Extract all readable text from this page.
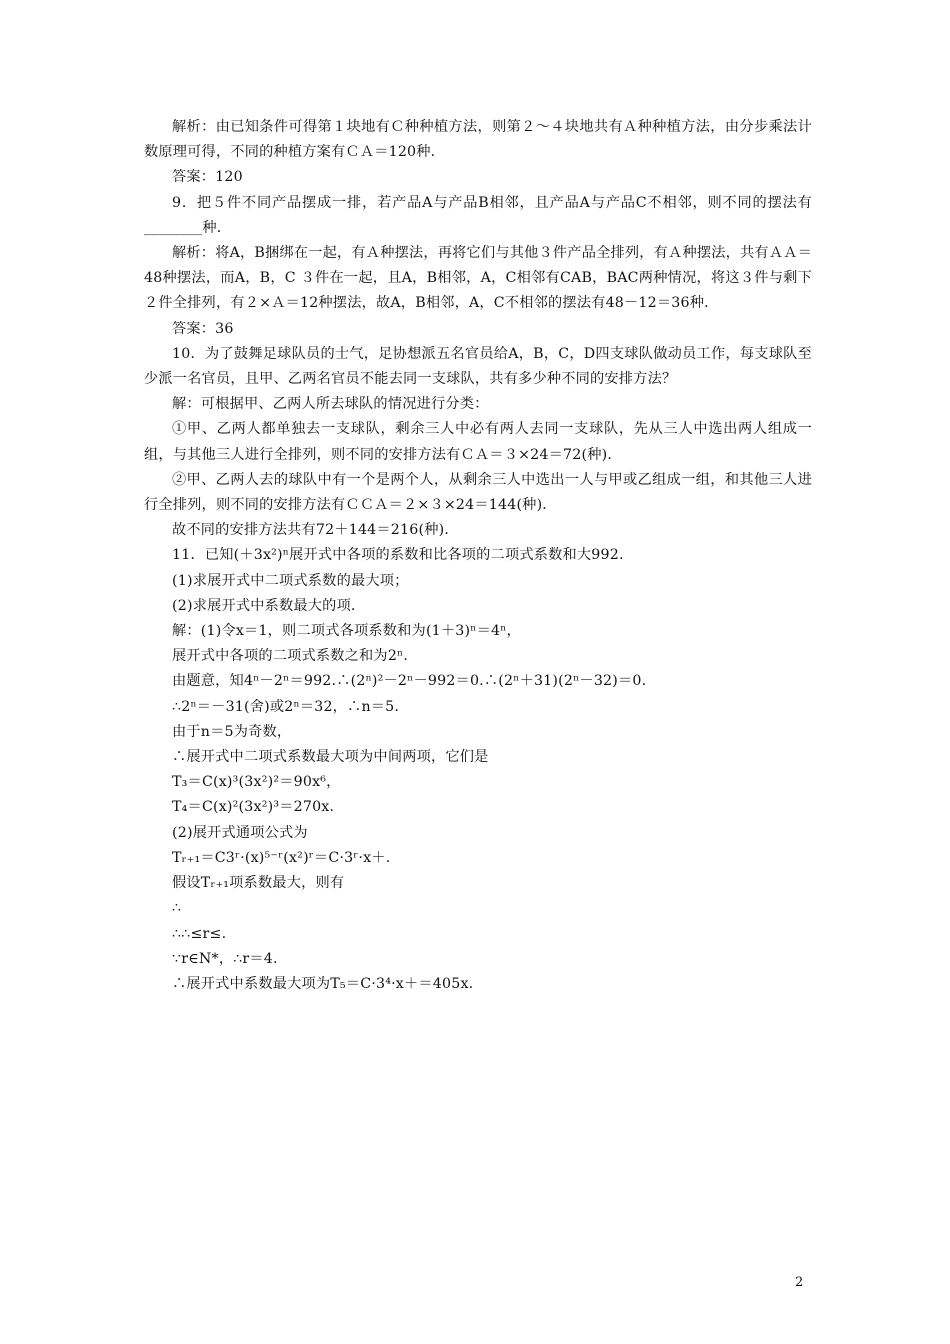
解析：由已知条件可得第１块地有Ｃ种种植方法，则第２～４块地共有Ａ种种植方法，由分步乘法计数原理可得，不同的种植方案有ＣＡ＝120种．

答案：120

9．把５件不同产品摆成一排，若产品A与产品B相邻，且产品A与产品C不相邻，则不同的摆法有________种．

解析：将A，B捆绑在一起，有Ａ种摆法，再将它们与其他３件产品全排列，有Ａ种摆法，共有ＡＡ＝48种摆法，而A，B，C ３件在一起，且A，B相邻，A，C相邻有CAB，BAC两种情况，将这３件与剩下２件全排列，有２×Ａ＝12种摆法，故A，B相邻，A，C不相邻的摆法有48－12＝36种．

答案：36

10．为了鼓舞足球队员的士气，足协想派五名官员给A，B，C，D四支球队做动员工作，每支球队至少派一名官员，且甲、乙两名官员不能去同一支球队，共有多少种不同的安排方法？

解：可根据甲、乙两人所去球队的情况进行分类：

①甲、乙两人都单独去一支球队，剩余三人中必有两人去同一支球队，先从三人中选出两人组成一组，与其他三人进行全排列，则不同的安排方法有ＣＡ＝３×24＝72(种)．

②甲、乙两人去的球队中有一个是两个人，从剩余三人中选出一人与甲或乙组成一组，和其他三人进行全排列，则不同的安排方法有ＣＣＡ＝２×３×24＝144(种)．

故不同的安排方法共有72＋144＝216(种)．

11．已知(＋3x²)ⁿ展开式中各项的系数和比各项的二项式系数和大992.

(1)求展开式中二项式系数的最大项；

(2)求展开式中系数最大的项．

解：(1)令x＝1，则二项式各项系数和为(1＋3)ⁿ＝4ⁿ，

展开式中各项的二项式系数之和为2ⁿ.

由题意，知4ⁿ－2ⁿ＝992.∴(2ⁿ)²－2ⁿ－992＝0.∴(2ⁿ＋31)(2ⁿ－32)＝0.

∴2ⁿ＝－31(舍)或2ⁿ＝32，∴n＝5.

由于n＝5为奇数，

∴展开式中二项式系数最大项为中间两项，它们是

T₃＝C(x)³(3x²)²＝90x⁶，

T₄＝C(x)²(3x²)³＝270x.

(2)展开式通项公式为

Tᵣ₊₁＝C3ʳ·(x)⁵⁻ʳ(x²)ʳ＝C·3ʳ·x＋.

假设Tᵣ₊₁项系数最大，则有

∴

∴∴≤r≤.

∵r∈N*，∴r＝4.

∴展开式中系数最大项为T₅＝C·3⁴·x＋＝405x.

2
